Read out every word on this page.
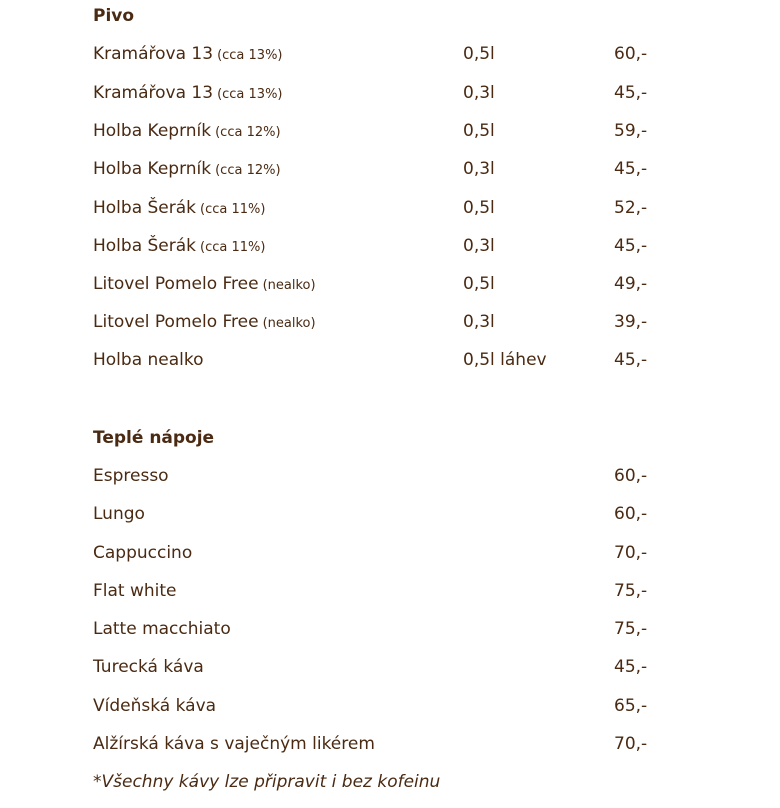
Pivo
Kramářova 13 (cca 13%)	0,5l	60,-
Kramářova 13 (cca 13%)	0,3l	45,-
Holba Keprník (cca 12%)	0,5l	59,-
Holba Keprník (cca 12%)	0,3l	45,-
Holba Šerák (cca 11%)	0,5l	52,-
Holba Šerák (cca 11%)	0,3l	45,-
Litovel Pomelo Free (nealko)	0,5l	49,-
Litovel Pomelo Free (nealko)	0,3l	39,-
Holba nealko	0,5l láhev	45,-
Teplé nápoje
Espresso	60,-
Lungo	60,-
Cappuccino	70,-
Flat white	75,-
Latte macchiato	75,-
Turecká káva	45,-
Vídeňská káva	65,-
Alžírská káva s vaječným likérem	70,-
*Všechny kávy lze připravit i bez kofeinu
